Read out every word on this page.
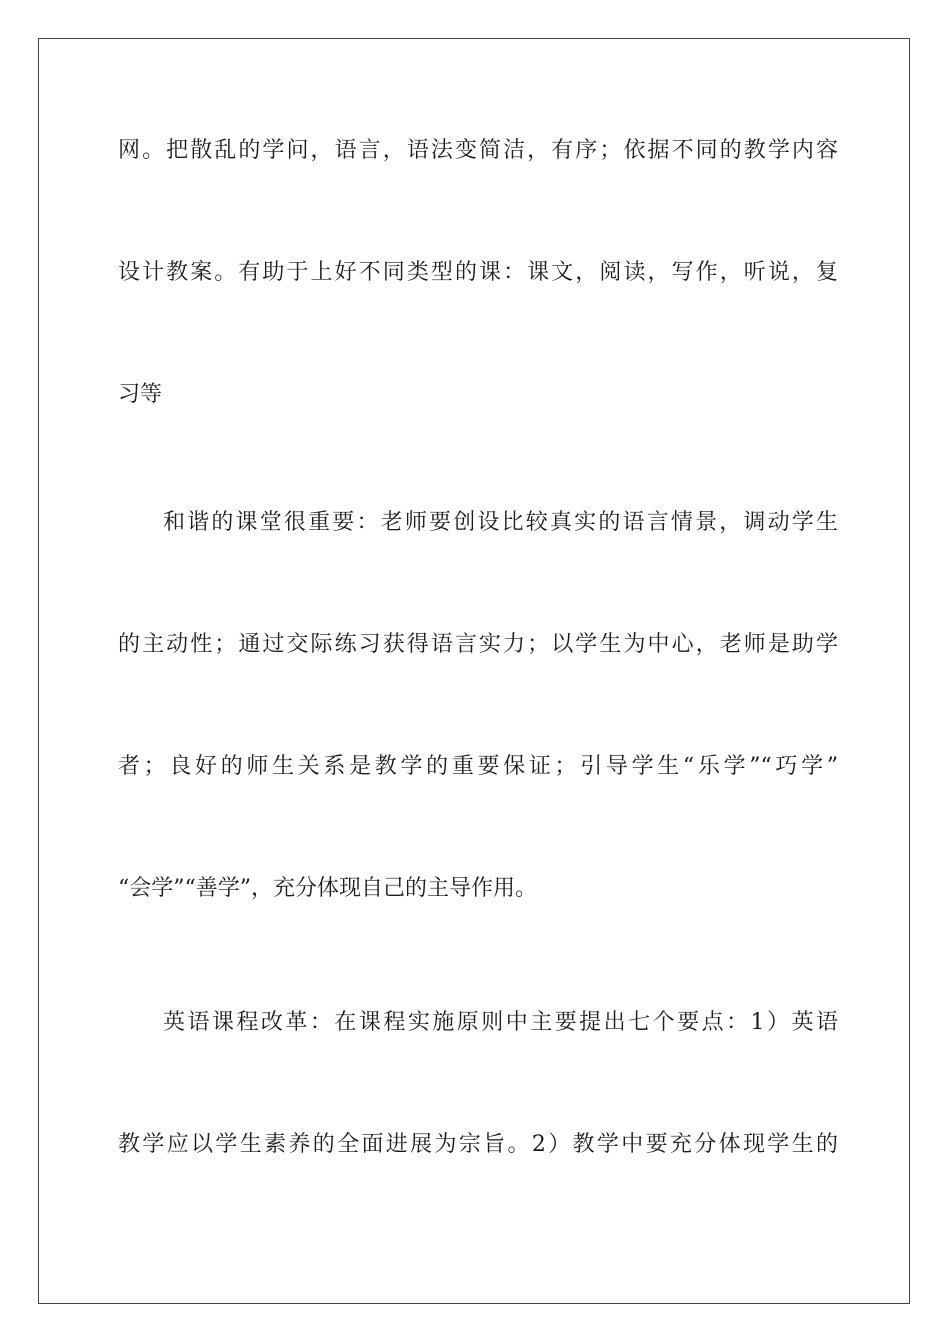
网。把散乱的学问，语言，语法变简洁，有序；依据不同的教学内容
设计教案。有助于上好不同类型的课：课文，阅读，写作，听说，复
习等
和谐的课堂很重要：老师要创设比较真实的语言情景，调动学生
的主动性；通过交际练习获得语言实力；以学生为中心，老师是助学
者；良好的师生关系是教学的重要保证；引导学生“乐学”“巧学”
“会学”“善学”，充分体现自己的主导作用。
英语课程改革：在课程实施原则中主要提出七个要点：1）英语
教学应以学生素养的全面进展为宗旨。2）教学中要充分体现学生的
